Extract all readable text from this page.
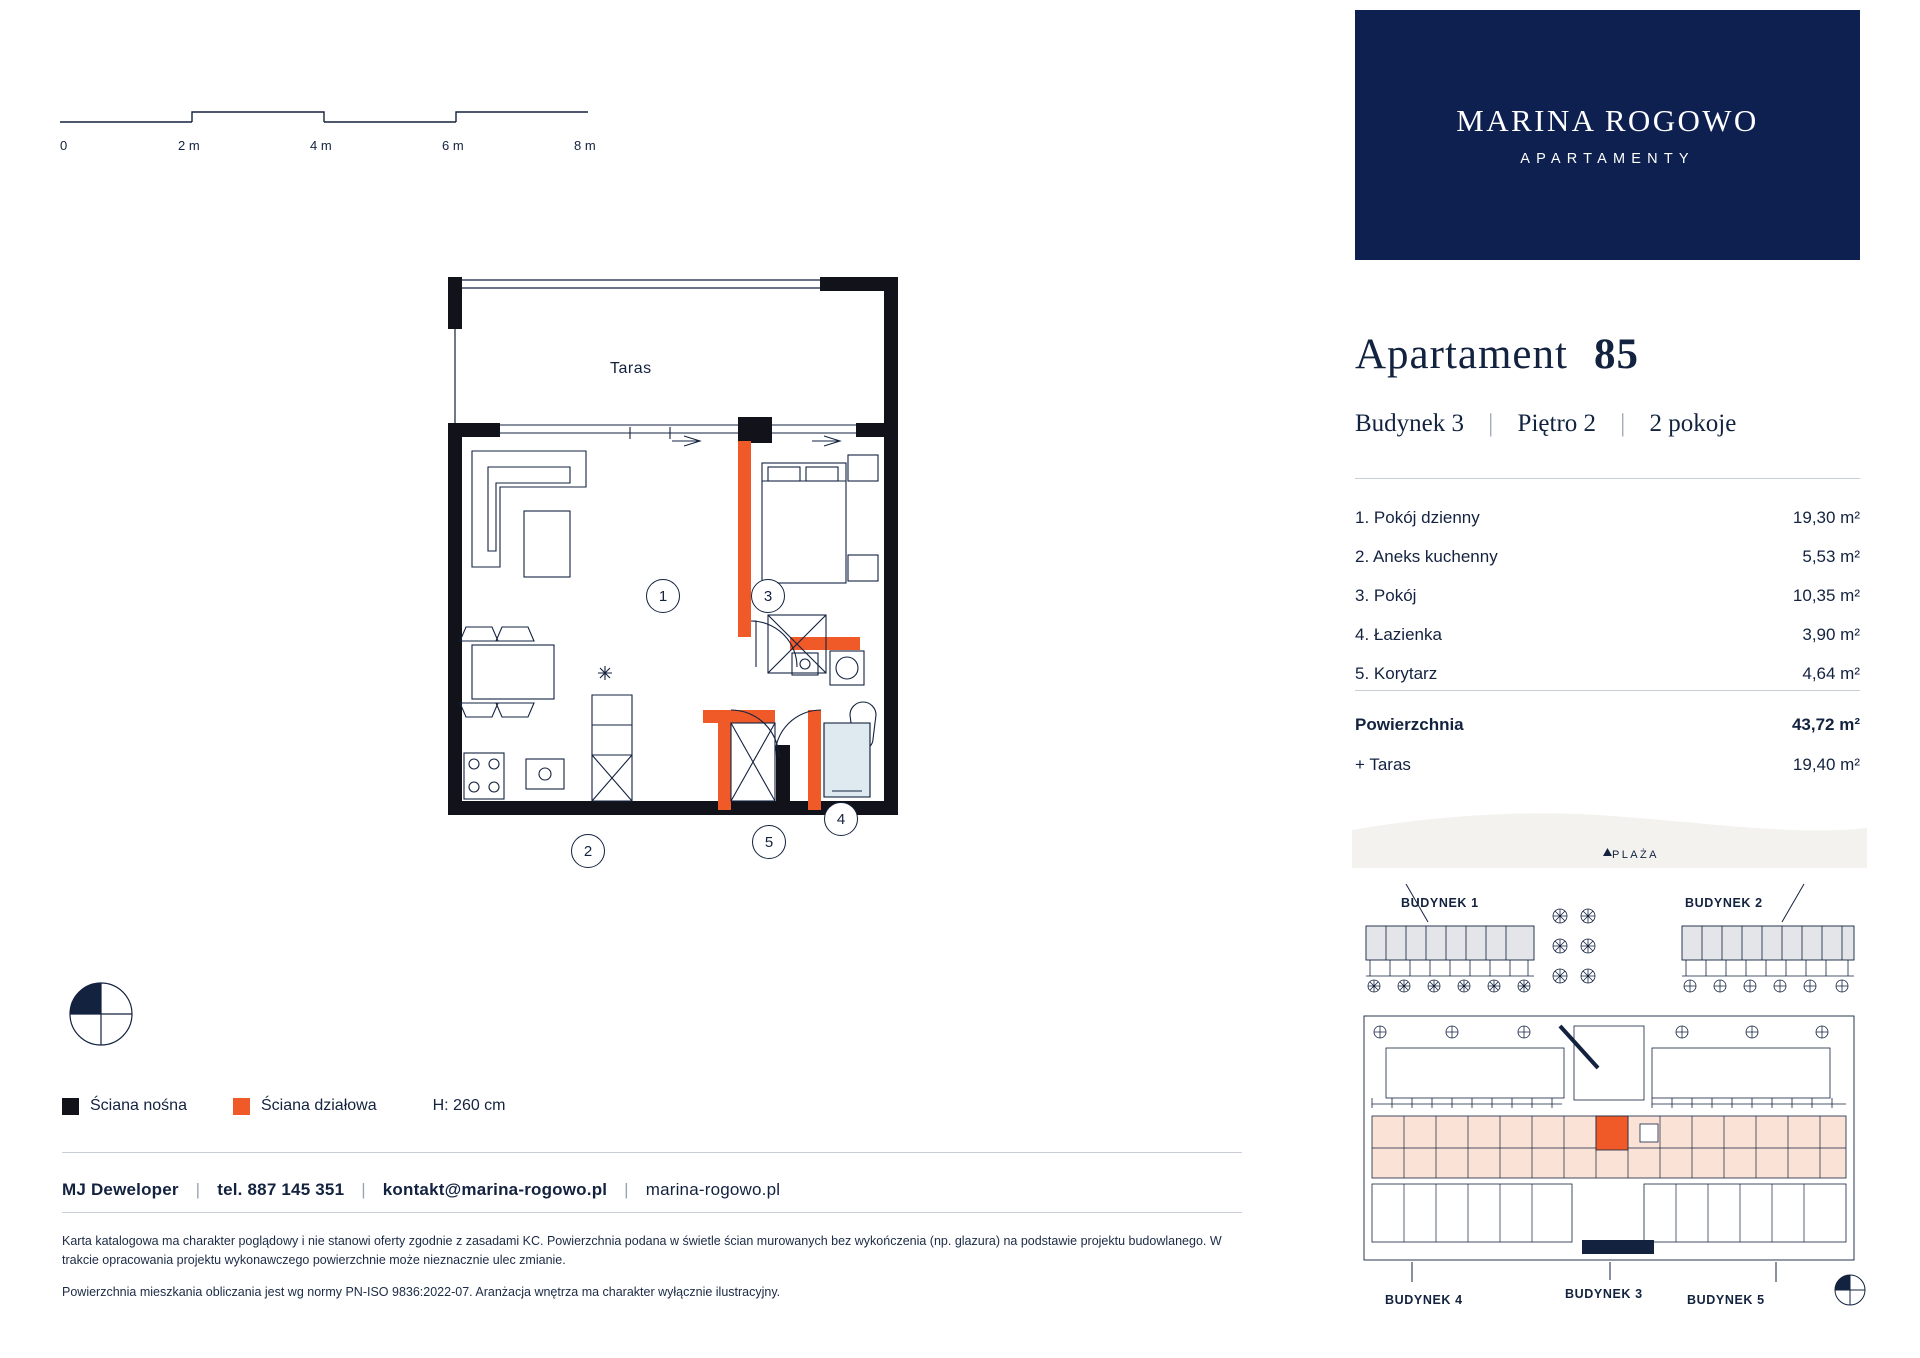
0	2 m	4 m	6 m	8 m
Taras
1
2
3
4
5
Ściana nośna	Ściana działowa	H: 260 cm
MJ Deweloper | tel. 887 145 351 | kontakt@marina-rogowo.pl | marina-rogowo.pl

Karta katalogowa ma charakter poglądowy i nie stanowi oferty zgodnie z zasadami KC. Powierzchnia podana w świetle ścian murowanych bez wykończenia (np. glazura) na podstawie projektu budowlanego. W trakcie opracowania projektu wykonawczego powierzchnie może nieznacznie ulec zmianie.

Powierzchnia mieszkania obliczania jest wg normy PN-ISO 9836:2022-07. Aranżacja wnętrza ma charakter wyłącznie ilustracyjny.

MARINA ROGOWO
APARTAMENTY
Apartament 85
Budynek 3 | Piętro 2 | 2 pokoje
1. Pokój dzienny	19,30 m²
2. Aneks kuchenny	5,53 m²
3. Pokój	10,35 m²
4. Łazienka	3,90 m²
5. Korytarz	4,64 m²
Powierzchnia	43,72 m²
+ Taras	19,40 m²
PLAŻA
BUDYNEK 1	BUDYNEK 2
BUDYNEK 4	BUDYNEK 3	BUDYNEK 5
